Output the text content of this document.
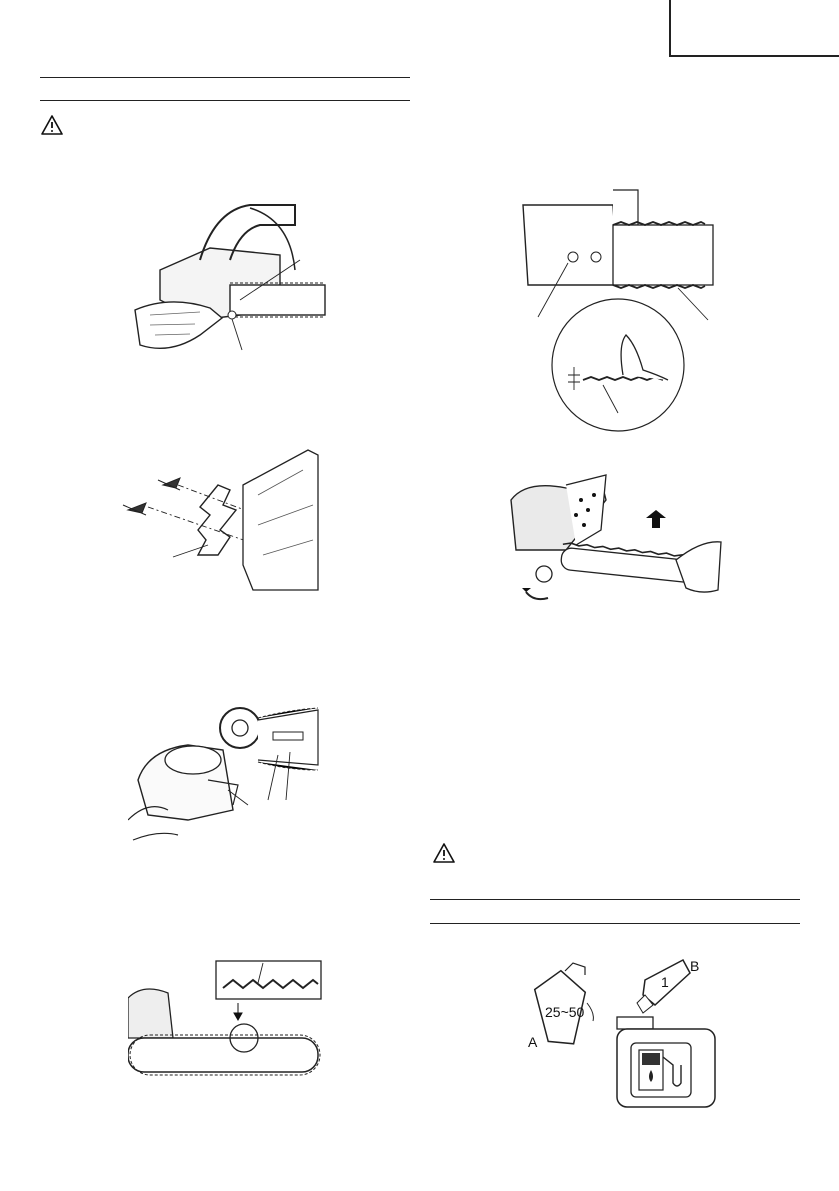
25~50
A
1
B
